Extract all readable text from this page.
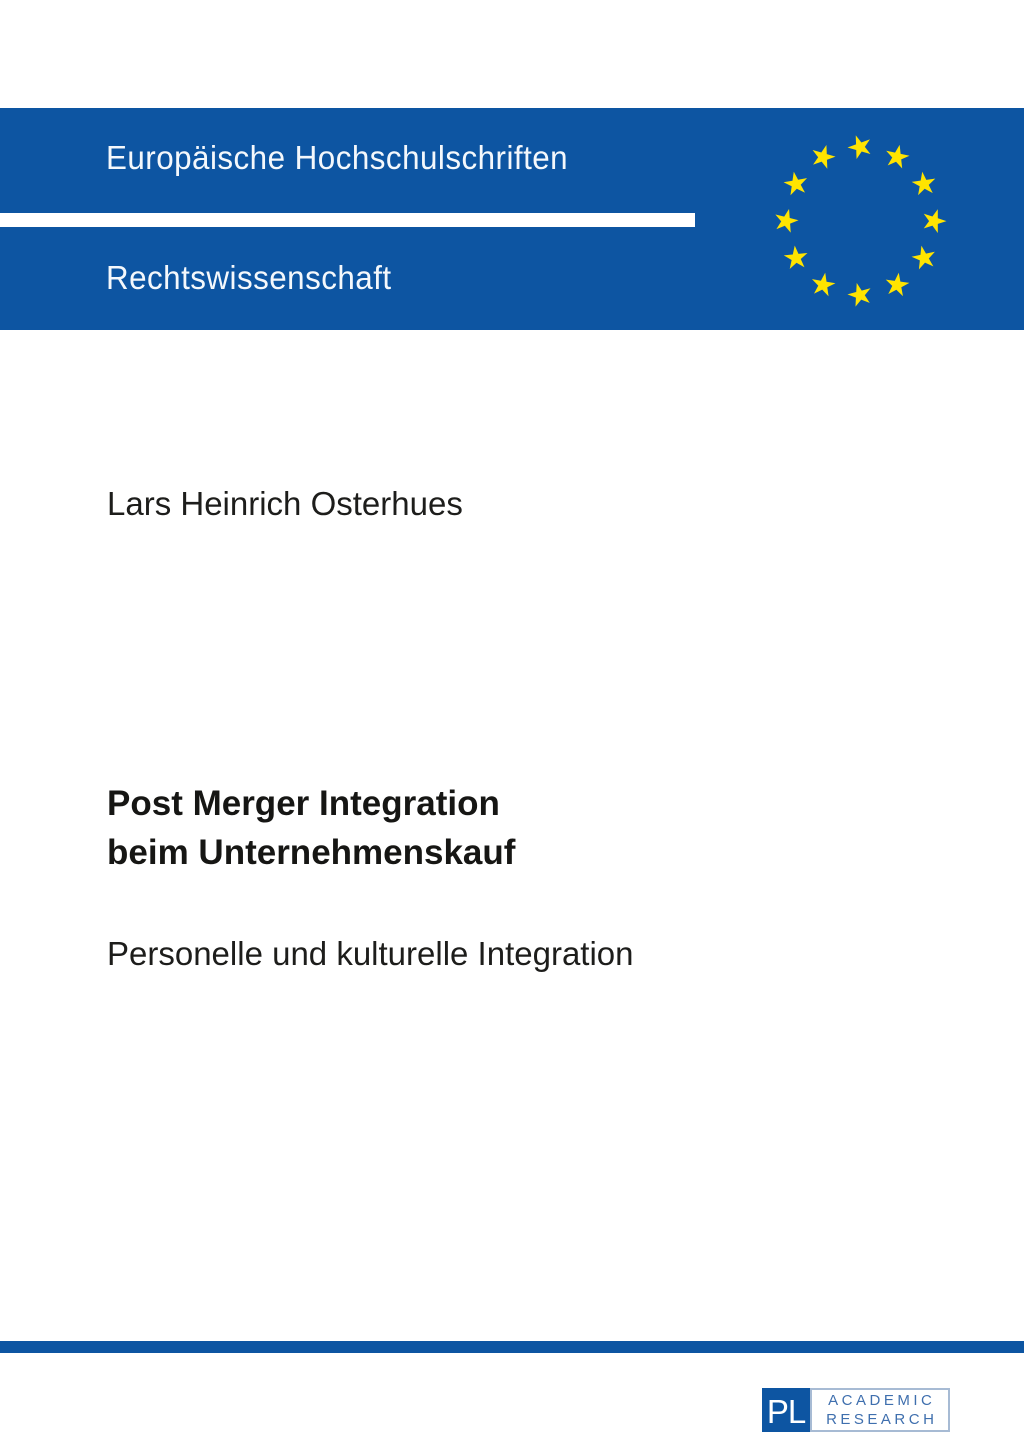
Europäische Hochschulschriften
Rechtswissenschaft
★
★
★
★
★
★
★
★
★
★
★
★
Lars Heinrich Osterhues
Post Merger Integration
beim Unternehmenskauf
Personelle und kulturelle Integration
PL ACADEMIC
RESEARCH
